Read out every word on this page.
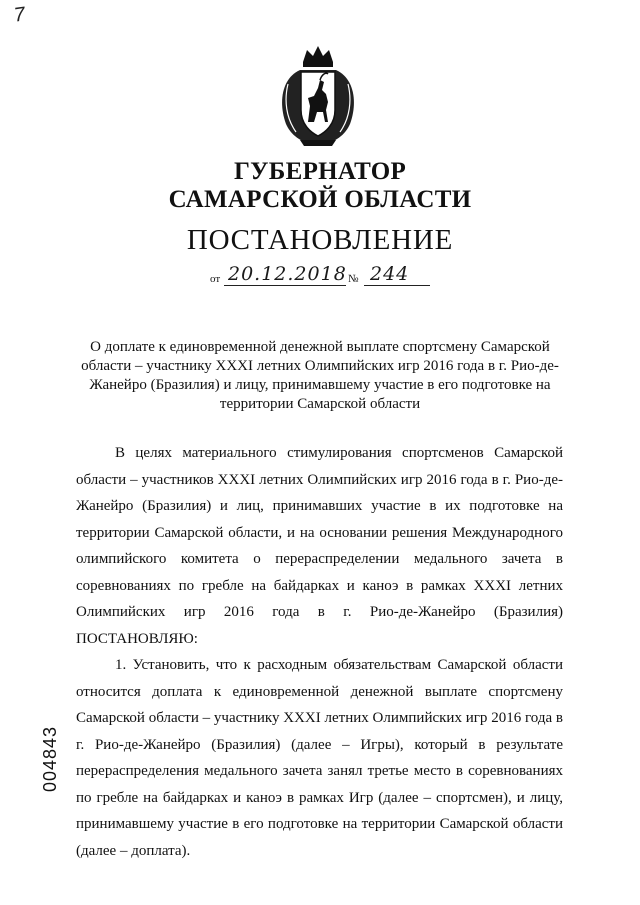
7
ГУБЕРНАТОР
САМАРСКОЙ ОБЛАСТИ
ПОСТАНОВЛЕНИЕ
от 20.12.2018 № 244
О доплате к единовременной денежной выплате спортсмену Самарской области – участнику XXXI летних Олимпийских игр 2016 года в г. Рио-де-Жанейро (Бразилия) и лицу, принимавшему участие в его подготовке на территории Самарской области

В целях материального стимулирования спортсменов Самарской области – участников XXXI летних Олимпийских игр 2016 года в г. Рио-де-Жанейро (Бразилия) и лиц, принимавших участие в их подготовке на территории Самарской области, и на основании решения Международного олимпийского комитета о перераспределении медального зачета в соревнованиях по гребле на байдарках и каноэ в рамках XXXI летних Олимпийских игр 2016 года в г. Рио-де-Жанейро (Бразилия) ПОСТАНОВЛЯЮ:

1. Установить, что к расходным обязательствам Самарской области относится доплата к единовременной денежной выплате спортсмену Самарской области – участнику XXXI летних Олимпийских игр 2016 года в г. Рио-де-Жанейро (Бразилия) (далее – Игры), который в результате перераспределения медального зачета занял третье место в соревнованиях по гребле на байдарках и каноэ в рамках Игр (далее – спортсмен), и лицу, принимавшему участие в его подготовке на территории Самарской области (далее – доплата).

004843
